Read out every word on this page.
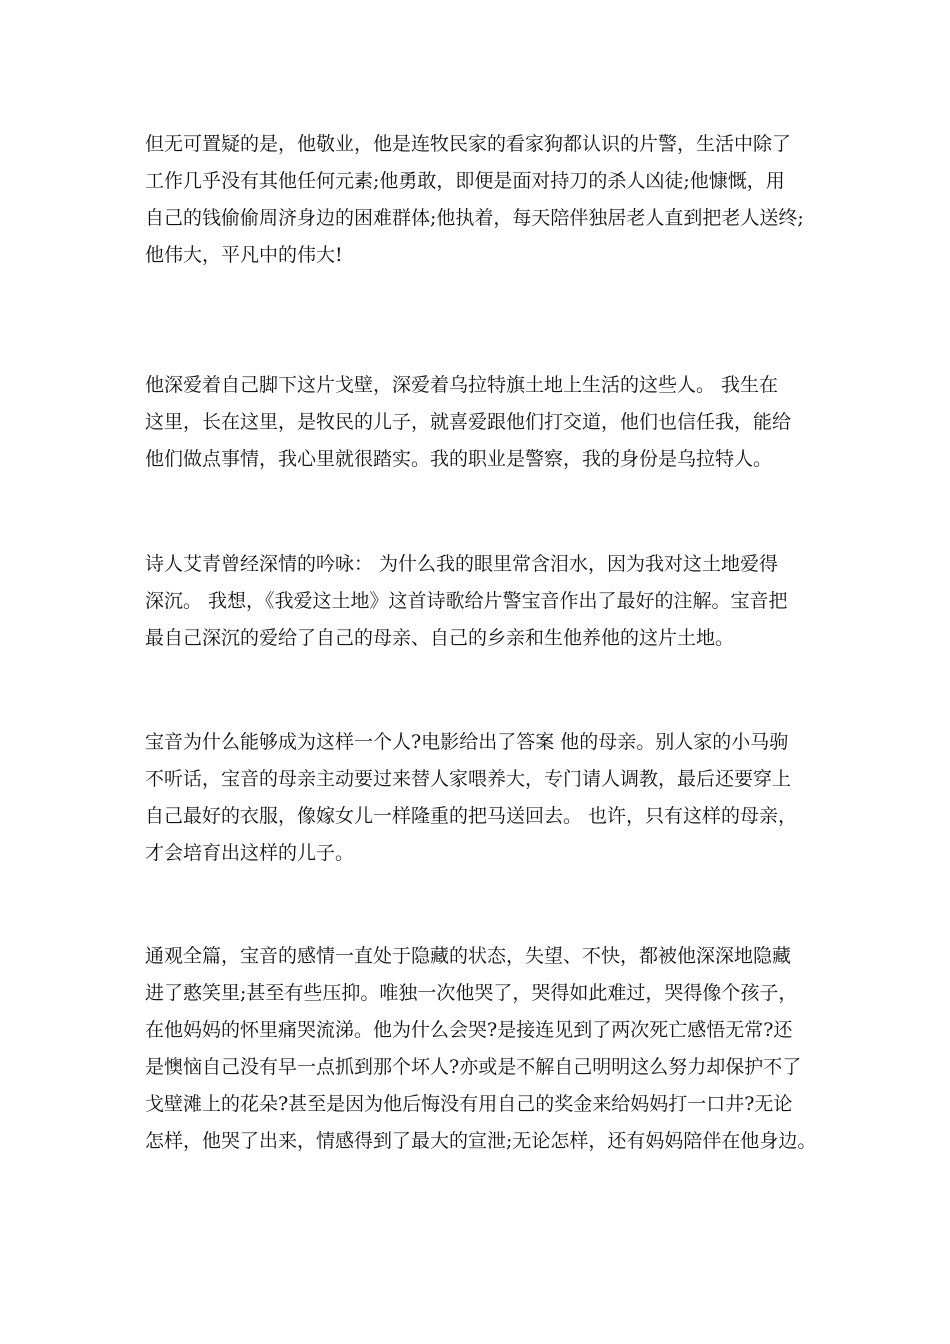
但无可置疑的是，他敬业，他是连牧民家的看家狗都认识的片警，生活中除了
工作几乎没有其他任何元素;他勇敢，即便是面对持刀的杀人凶徒;他慷慨，用
自己的钱偷偷周济身边的困难群体;他执着，每天陪伴独居老人直到把老人送终;
他伟大，平凡中的伟大!
他深爱着自己脚下这片戈壁，深爱着乌拉特旗土地上生活的这些人。 我生在
这里，长在这里，是牧民的儿子，就喜爱跟他们打交道，他们也信任我，能给
他们做点事情，我心里就很踏实。我的职业是警察，我的身份是乌拉特人。
诗人艾青曾经深情的吟咏： 为什么我的眼里常含泪水，因为我对这土地爱得
深沉。 我想，《我爱这土地》这首诗歌给片警宝音作出了最好的注解。宝音把
最自己深沉的爱给了自己的母亲、自己的乡亲和生他养他的这片土地。
宝音为什么能够成为这样一个人?电影给出了答案 他的母亲。别人家的小马驹
不听话，宝音的母亲主动要过来替人家喂养大，专门请人调教，最后还要穿上
自己最好的衣服，像嫁女儿一样隆重的把马送回去。 也许，只有这样的母亲，
才会培育出这样的儿子。
通观全篇，宝音的感情一直处于隐藏的状态，失望、不快，都被他深深地隐藏
进了憨笑里;甚至有些压抑。唯独一次他哭了，哭得如此难过，哭得像个孩子，
在他妈妈的怀里痛哭流涕。他为什么会哭?是接连见到了两次死亡感悟无常?还
是懊恼自己没有早一点抓到那个坏人?亦或是不解自己明明这么努力却保护不了
戈壁滩上的花朵?甚至是因为他后悔没有用自己的奖金来给妈妈打一口井?无论
怎样，他哭了出来，情感得到了最大的宣泄;无论怎样，还有妈妈陪伴在他身边。
